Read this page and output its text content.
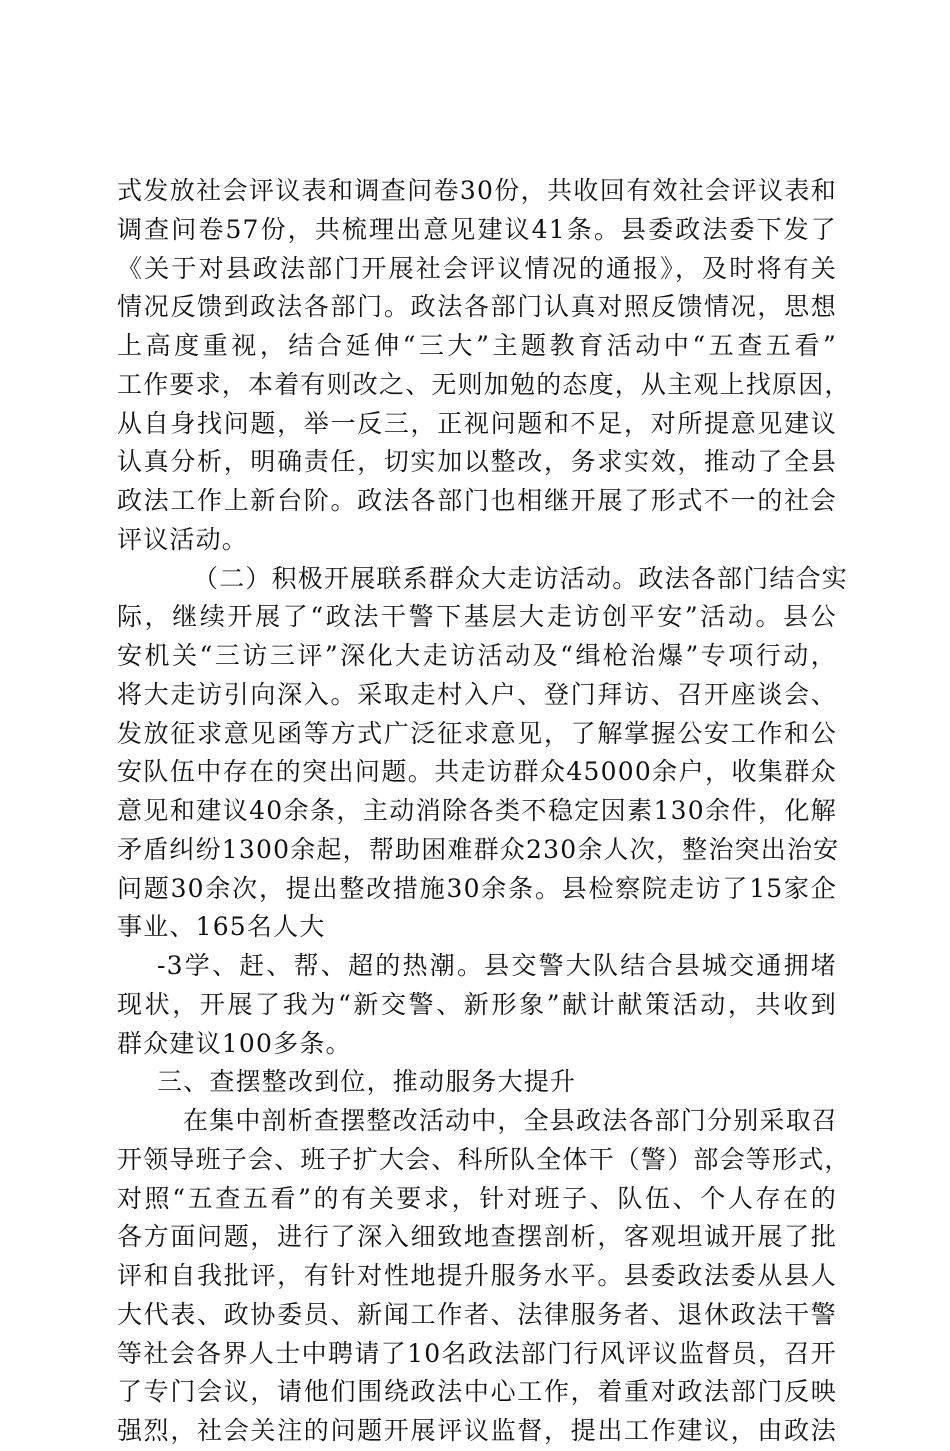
式发放社会评议表和调查问卷30份，共收回有效社会评议表和
调查问卷57份，共梳理出意见建议41条。县委政法委下发了
《关于对县政法部门开展社会评议情况的通报》，及时将有关
情况反馈到政法各部门。政法各部门认真对照反馈情况，思想
上高度重视，结合延伸“三大”主题教育活动中“五查五看”
工作要求，本着有则改之、无则加勉的态度，从主观上找原因，
从自身找问题，举一反三，正视问题和不足，对所提意见建议
认真分析，明确责任，切实加以整改，务求实效，推动了全县
政法工作上新台阶。政法各部门也相继开展了形式不一的社会
评议活动。
（二）积极开展联系群众大走访活动。政法各部门结合实
际，继续开展了“政法干警下基层大走访创平安”活动。县公
安机关“三访三评”深化大走访活动及“缉枪治爆”专项行动，
将大走访引向深入。采取走村入户、登门拜访、召开座谈会、
发放征求意见函等方式广泛征求意见，了解掌握公安工作和公
安队伍中存在的突出问题。共走访群众45000余户，收集群众
意见和建议40余条，主动消除各类不稳定因素130余件，化解
矛盾纠纷1300余起，帮助困难群众230余人次，整治突出治安
问题30余次，提出整改措施30余条。县检察院走访了15家企
事业、165名人大
-3学、赶、帮、超的热潮。县交警大队结合县城交通拥堵
现状，开展了我为“新交警、新形象”献计献策活动，共收到
群众建议100多条。
三、查摆整改到位，推动服务大提升
在集中剖析查摆整改活动中，全县政法各部门分别采取召
开领导班子会、班子扩大会、科所队全体干（警）部会等形式，
对照“五查五看”的有关要求，针对班子、队伍、个人存在的
各方面问题，进行了深入细致地查摆剖析，客观坦诚开展了批
评和自我批评，有针对性地提升服务水平。县委政法委从县人
大代表、政协委员、新闻工作者、法律服务者、退休政法干警
等社会各界人士中聘请了10名政法部门行风评议监督员，召开
了专门会议，请他们围绕政法中心工作，着重对政法部门反映
强烈，社会关注的问题开展评议监督，提出工作建议，由政法
